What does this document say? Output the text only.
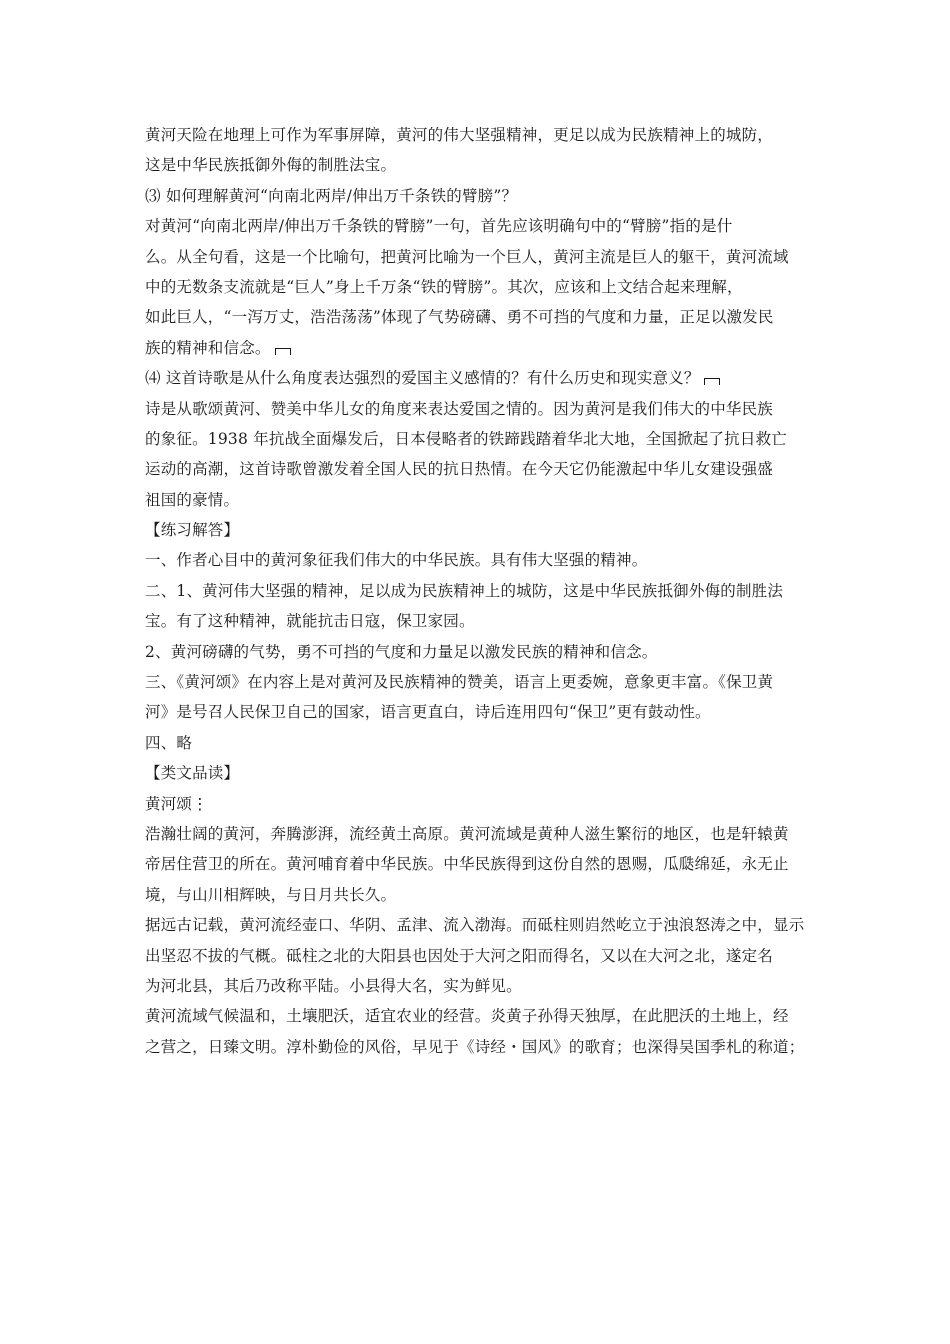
黄河天险在地理上可作为军事屏障，黄河的伟大坚强精神，更足以成为民族精神上的城防，
这是中华民族抵御外侮的制胜法宝。
⑶ 如何理解黄河“向南北两岸/伸出万千条铁的臂膀”？
对黄河“向南北两岸/伸出万千条铁的臂膀”一句，首先应该明确句中的“臂膀”指的是什
么。从全句看，这是一个比喻句，把黄河比喻为一个巨人，黄河主流是巨人的躯干，黄河流域
中的无数条支流就是“巨人”身上千万条“铁的臂膀”。其次，应该和上文结合起来理解，
如此巨人，“一泻万丈，浩浩荡荡”体现了气势磅礴、勇不可挡的气度和力量，正足以激发民
族的精神和信念。
⑷ 这首诗歌是从什么角度表达强烈的爱国主义感情的？有什么历史和现实意义？
诗是从歌颂黄河、赞美中华儿女的角度来表达爱国之情的。因为黄河是我们伟大的中华民族
的象征。1938 年抗战全面爆发后，日本侵略者的铁蹄践踏着华北大地，全国掀起了抗日救亡
运动的高潮，这首诗歌曾激发着全国人民的抗日热情。在今天它仍能激起中华儿女建设强盛
祖国的豪情。
【练习解答】
一、作者心目中的黄河象征我们伟大的中华民族。具有伟大坚强的精神。
二、1、黄河伟大坚强的精神，足以成为民族精神上的城防，这是中华民族抵御外侮的制胜法
宝。有了这种精神，就能抗击日寇，保卫家园。
2、黄河磅礴的气势，勇不可挡的气度和力量足以激发民族的精神和信念。
三、《黄河颂》在内容上是对黄河及民族精神的赞美，语言上更委婉，意象更丰富。《保卫黄
河》是号召人民保卫自己的国家，语言更直白，诗后连用四句“保卫”更有鼓动性。
四、略
【类文品读】
黄河颂⋮
浩瀚壮阔的黄河，奔腾澎湃，流经黄土高原。黄河流域是黄种人滋生繁衍的地区，也是轩辕黄
帝居住营卫的所在。黄河哺育着中华民族。中华民族得到这份自然的恩赐，瓜瓞绵延，永无止
境，与山川相辉映，与日月共长久。
据远古记载，黄河流经壶口、华阴、孟津、流入渤海。而砥柱则岿然屹立于浊浪怒涛之中，显示
出坚忍不拔的气概。砥柱之北的大阳县也因处于大河之阳而得名，又以在大河之北，遂定名
为河北县，其后乃改称平陆。小县得大名，实为鲜见。
黄河流域气候温和，土壤肥沃，适宜农业的经营。炎黄子孙得天独厚，在此肥沃的土地上，经
之营之，日臻文明。淳朴勤俭的风俗，早见于《诗经・国风》的歌育；也深得吴国季札的称道；
